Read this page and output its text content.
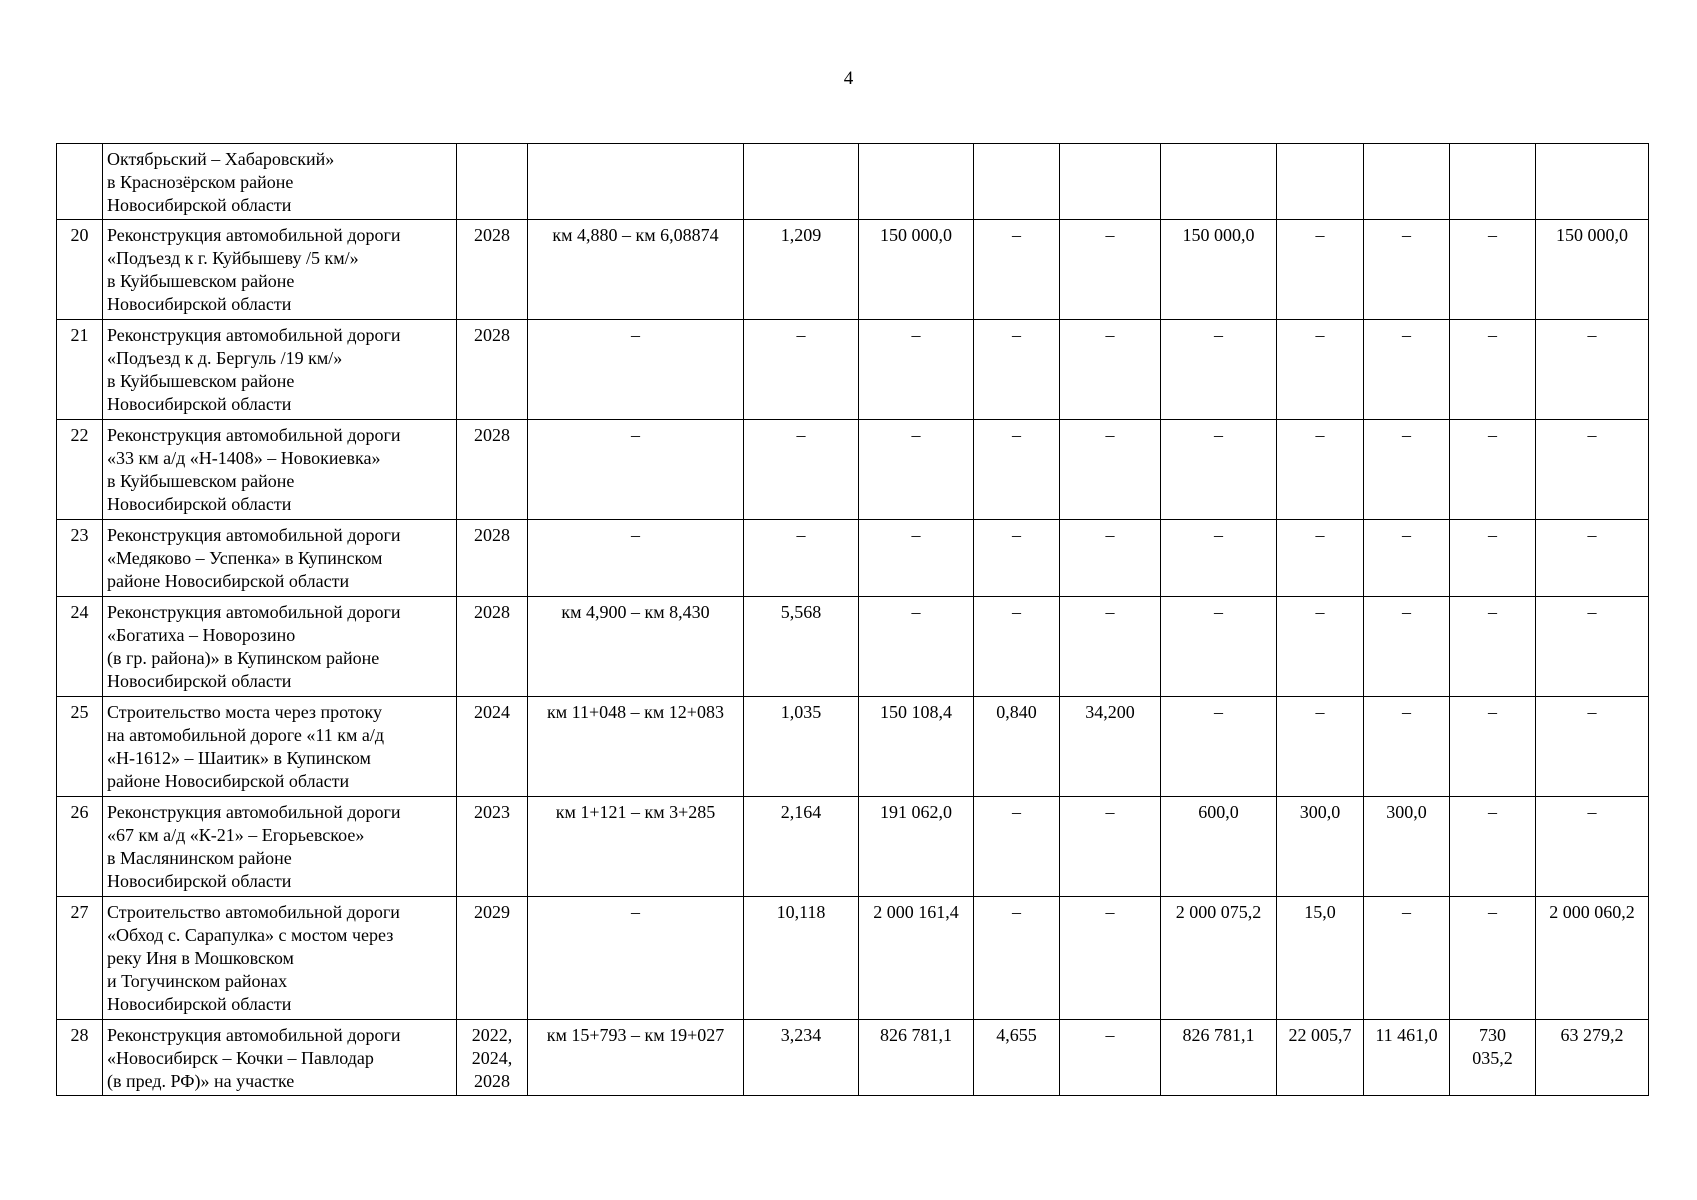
4
	Октябрьский – Хабаровский»
в Краснозёрском районе
Новосибирской области											
20	Реконструкция автомобильной дороги
«Подъезд к г. Куйбышеву /5 км/»
в Куйбышевском районе
Новосибирской области	2028	км 4,880 – км 6,08874	1,209	150 000,0	–	–	150 000,0	–	–	–	150 000,0
21	Реконструкция автомобильной дороги
«Подъезд к д. Бергуль /19 км/»
в Куйбышевском районе
Новосибирской области	2028	–	–	–	–	–	–	–	–	–	–
22	Реконструкция автомобильной дороги
«33 км а/д «Н-1408» – Новокиевка»
в Куйбышевском районе
Новосибирской области	2028	–	–	–	–	–	–	–	–	–	–
23	Реконструкция автомобильной дороги
«Медяково – Успенка» в Купинском
районе Новосибирской области	2028	–	–	–	–	–	–	–	–	–	–
24	Реконструкция автомобильной дороги
«Богатиха – Новорозино
(в гр. района)» в Купинском районе
Новосибирской области	2028	км 4,900 – км 8,430	5,568	–	–	–	–	–	–	–	–
25	Строительство моста через протоку
на автомобильной дороге «11 км а/д
«Н-1612» – Шаитик» в Купинском
районе Новосибирской области	2024	км 11+048 – км 12+083	1,035	150 108,4	0,840	34,200	–	–	–	–	–
26	Реконструкция автомобильной дороги
«67 км а/д «К-21» – Егорьевское»
в Маслянинском районе
Новосибирской области	2023	км 1+121 – км 3+285	2,164	191 062,0	–	–	600,0	300,0	300,0	–	–
27	Строительство автомобильной дороги
«Обход с. Сарапулка» с мостом через
реку Иня в Мошковском
и Тогучинском районах
Новосибирской области	2029	–	10,118	2 000 161,4	–	–	2 000 075,2	15,0	–	–	2 000 060,2
28	Реконструкция автомобильной дороги
«Новосибирск – Кочки – Павлодар
(в пред. РФ)» на участке	2022,
2024,
2028	км 15+793 – км 19+027	3,234	826 781,1	4,655	–	826 781,1	22 005,7	11 461,0	730
035,2	63 279,2
